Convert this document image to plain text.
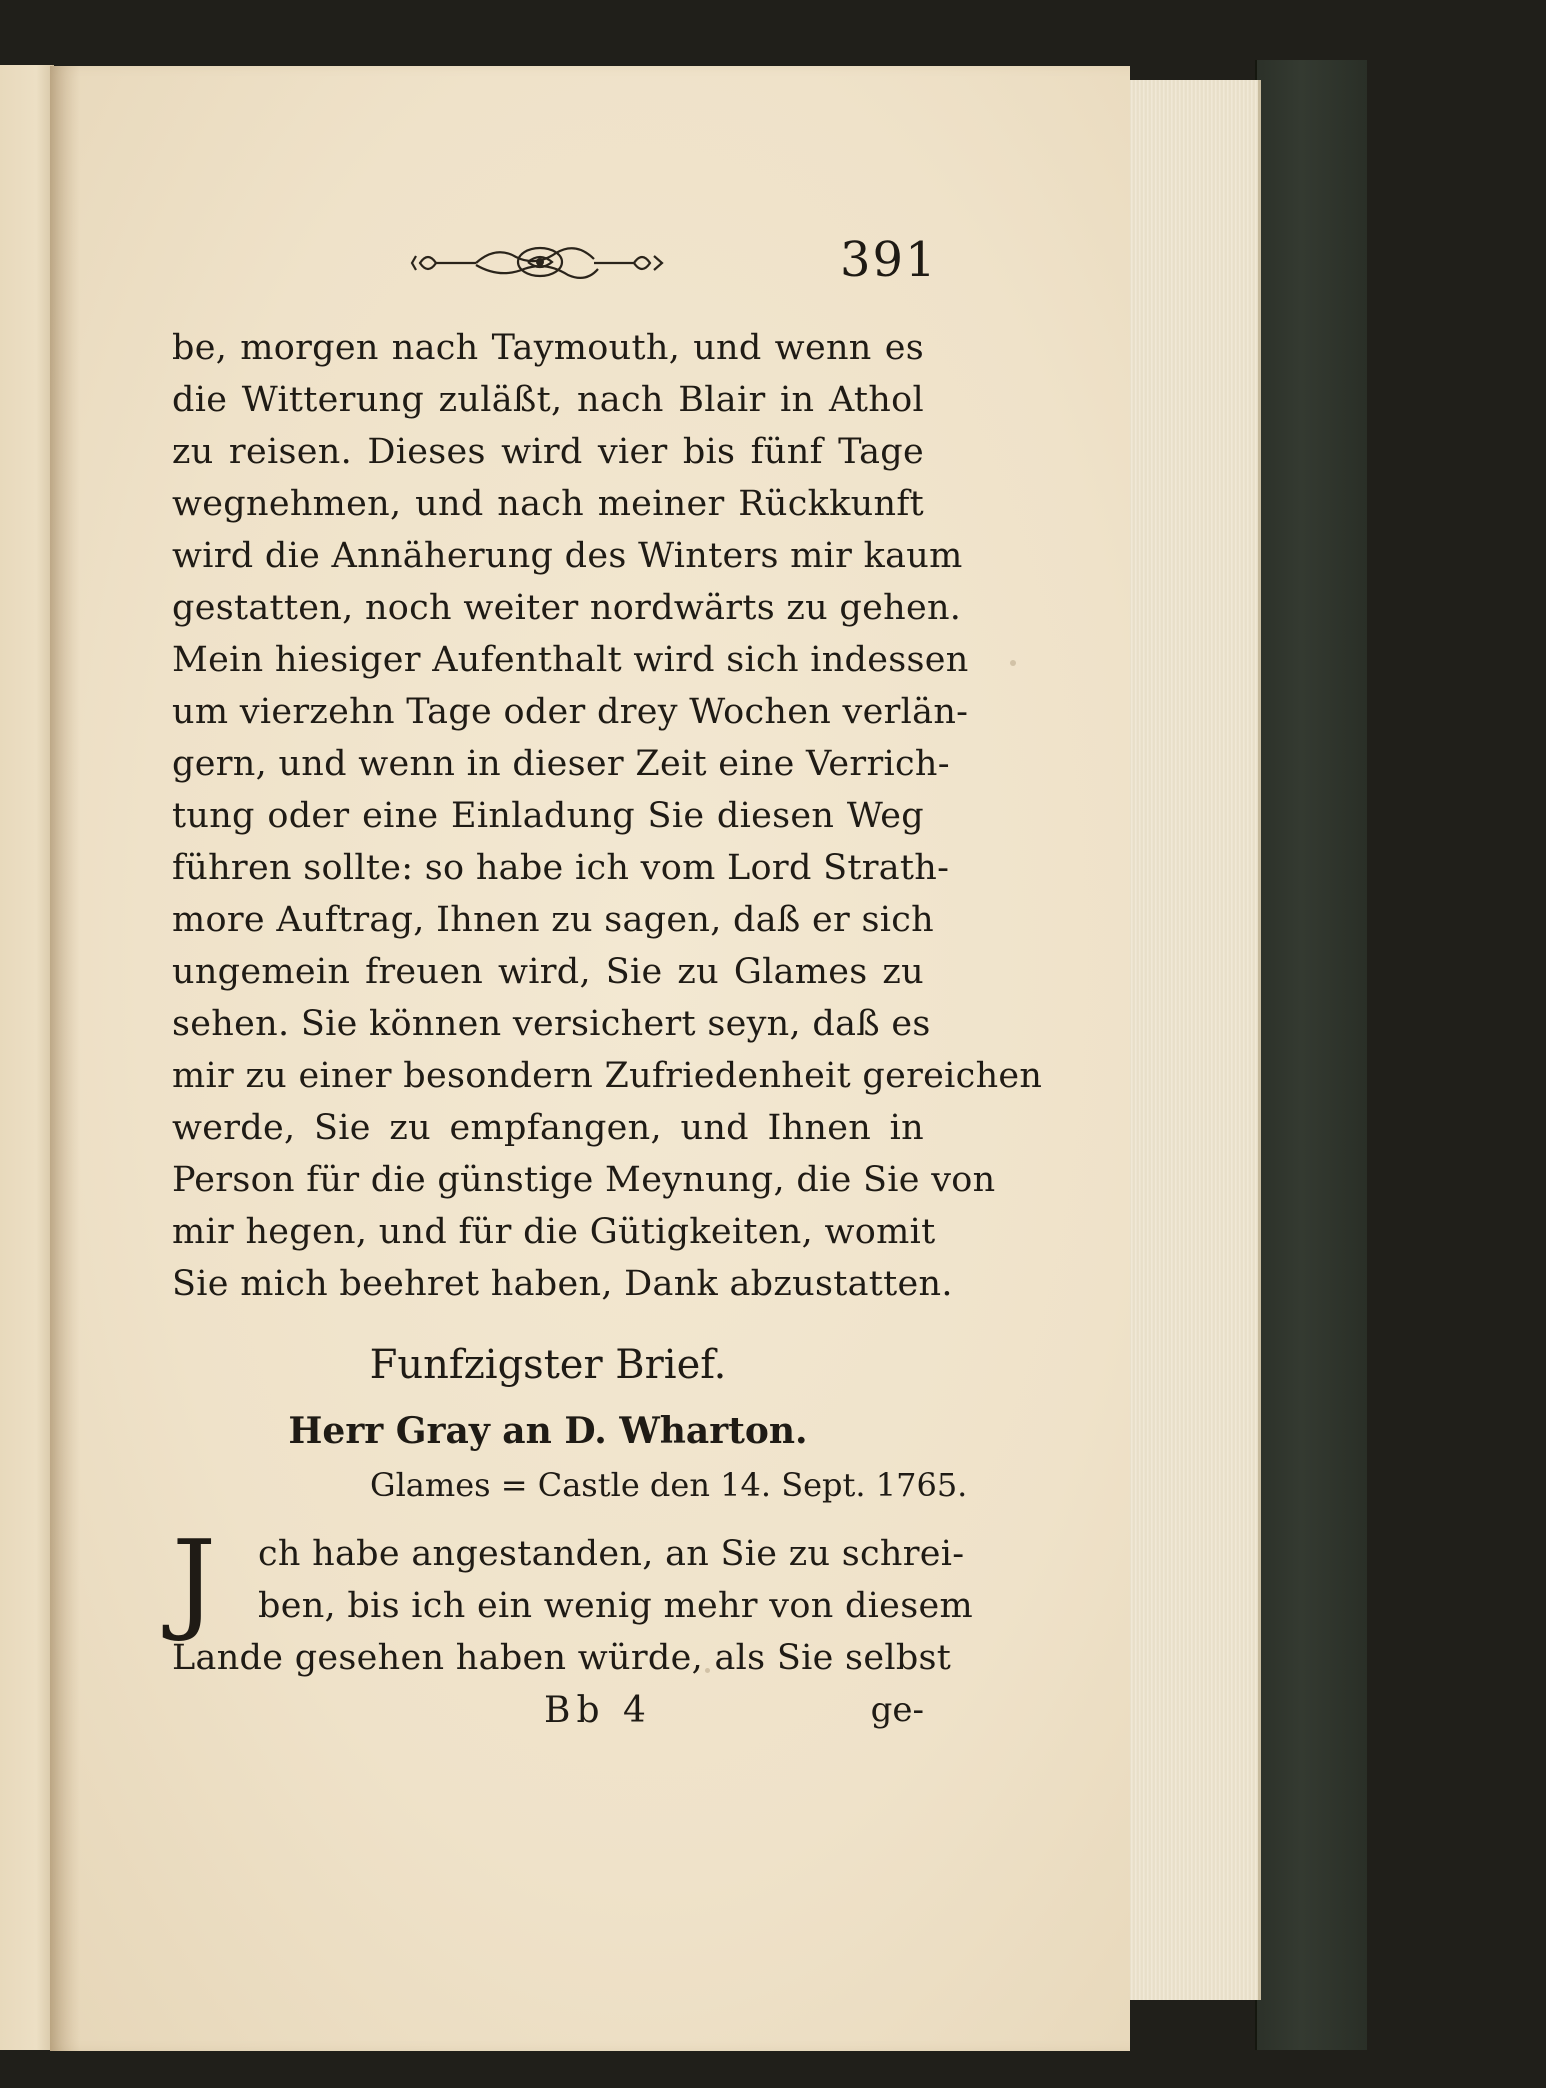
391
be, morgen nach Taymouth, und wenn es
die Witterung zuläßt, nach Blair in Athol
zu reisen. Dieses wird vier bis fünf Tage
wegnehmen, und nach meiner Rückkunft
wird die Annäherung des Winters mir kaum
gestatten, noch weiter nordwärts zu gehen.
Mein hiesiger Aufenthalt wird sich indessen
um vierzehn Tage oder drey Wochen verlän-
gern, und wenn in dieser Zeit eine Verrich-
tung oder eine Einladung Sie diesen Weg
führen sollte: so habe ich vom Lord Strath-
more Auftrag, Ihnen zu sagen, daß er sich
ungemein freuen wird, Sie zu Glames zu
sehen. Sie können versichert seyn, daß es
mir zu einer besondern Zufriedenheit gereichen
werde, Sie zu empfangen, und Ihnen in
Person für die günstige Meynung, die Sie von
mir hegen, und für die Gütigkeiten, womit
Sie mich beehret haben, Dank abzustatten.
Funfzigster Brief.
Herr Gray an D. Wharton.
Glames = Castle den 14. Sept. 1765.
J	ch habe angestanden, an Sie zu schrei-
ben, bis ich ein wenig mehr von diesem
Lande gesehen haben würde, als Sie selbst
Bb 4	ge-
